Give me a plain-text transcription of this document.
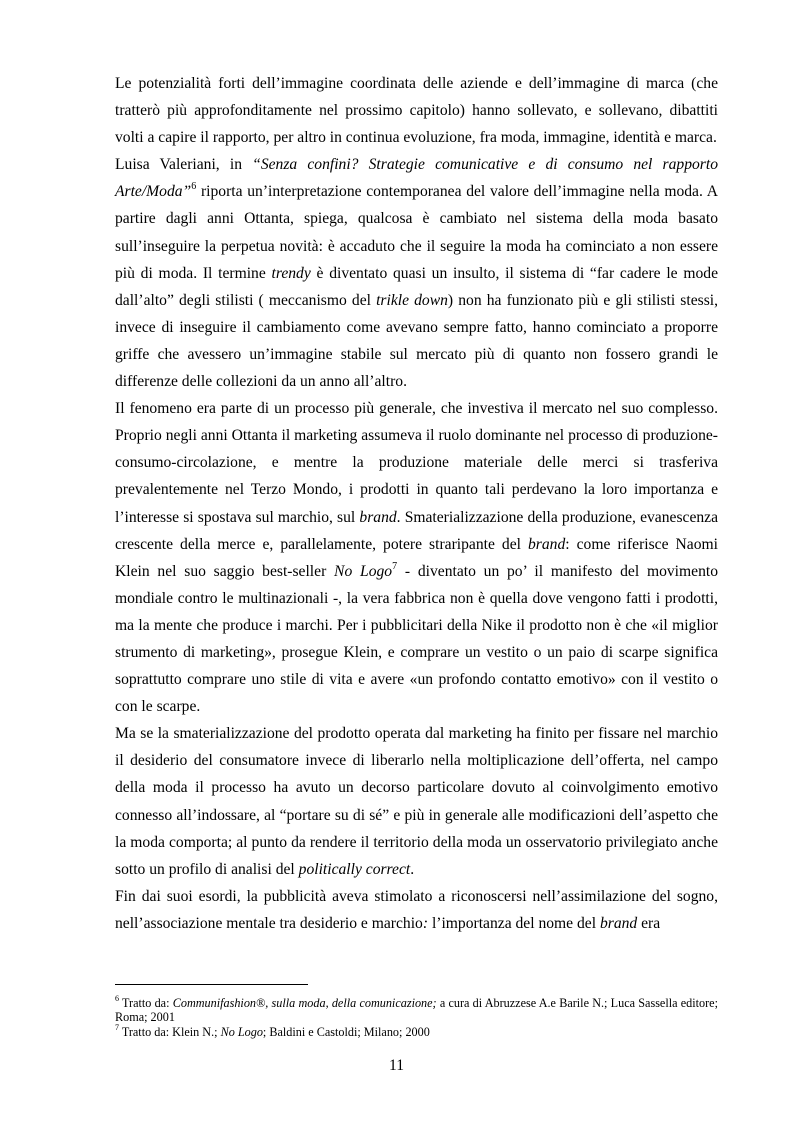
Le potenzialità forti dell’immagine coordinata delle aziende e dell’immagine di marca (che tratterò più approfonditamente nel prossimo capitolo) hanno sollevato, e sollevano, dibattiti volti a capire il rapporto, per altro in continua evoluzione, fra moda, immagine, identità e marca.

Luisa Valeriani, in “Senza confini? Strategie comunicative e di consumo nel rapporto Arte/Moda”$^6$ riporta un’interpretazione contemporanea del valore dell’immagine nella moda. A partire dagli anni Ottanta, spiega, qualcosa è cambiato nel sistema della moda basato sull’inseguire la perpetua novità: è accaduto che il seguire la moda ha cominciato a non essere più di moda. Il termine trendy è diventato quasi un insulto, il sistema di “far cadere le mode dall’alto” degli stilisti ( meccanismo del trikle down) non ha funzionato più e gli stilisti stessi, invece di inseguire il cambiamento come avevano sempre fatto, hanno cominciato a proporre griffe che avessero un’immagine stabile sul mercato più di quanto non fossero grandi le differenze delle collezioni da un anno all’altro.

Il fenomeno era parte di un processo più generale, che investiva il mercato nel suo complesso. Proprio negli anni Ottanta il marketing assumeva il ruolo dominante nel processo di produzione-consumo-circolazione, e mentre la produzione materiale delle merci si trasferiva prevalentemente nel Terzo Mondo, i prodotti in quanto tali perdevano la loro importanza e l’interesse si spostava sul marchio, sul brand. Smaterializzazione della produzione, evanescenza crescente della merce e, parallelamente, potere straripante del brand: come riferisce Naomi Klein nel suo saggio best-seller No Logo$^7$ - diventato un po’ il manifesto del movimento mondiale contro le multinazionali -, la vera fabbrica non è quella dove vengono fatti i prodotti, ma la mente che produce i marchi. Per i pubblicitari della Nike il prodotto non è che «il miglior strumento di marketing», prosegue Klein, e comprare un vestito o un paio di scarpe significa soprattutto comprare uno stile di vita e avere «un profondo contatto emotivo» con il vestito o con le scarpe.

Ma se la smaterializzazione del prodotto operata dal marketing ha finito per fissare nel marchio il desiderio del consumatore invece di liberarlo nella moltiplicazione dell’offerta, nel campo della moda il processo ha avuto un decorso particolare dovuto al coinvolgimento emotivo connesso all’indossare, al “portare su di sé” e più in generale alle modificazioni dell’aspetto che la moda comporta; al punto da rendere il territorio della moda un osservatorio privilegiato anche sotto un profilo di analisi del politically correct.

Fin dai suoi esordi, la pubblicità aveva stimolato a riconoscersi nell’assimilazione del sogno, nell’associazione mentale tra desiderio e marchio: l’importanza del nome del brand era

$^6$ Tratto da: Communifashion®, sulla moda, della comunicazione; a cura di Abruzzese A.e Barile N.; Luca Sassella editore; Roma; 2001

$^7$ Tratto da: Klein N.; No Logo; Baldini e Castoldi; Milano; 2000

11
